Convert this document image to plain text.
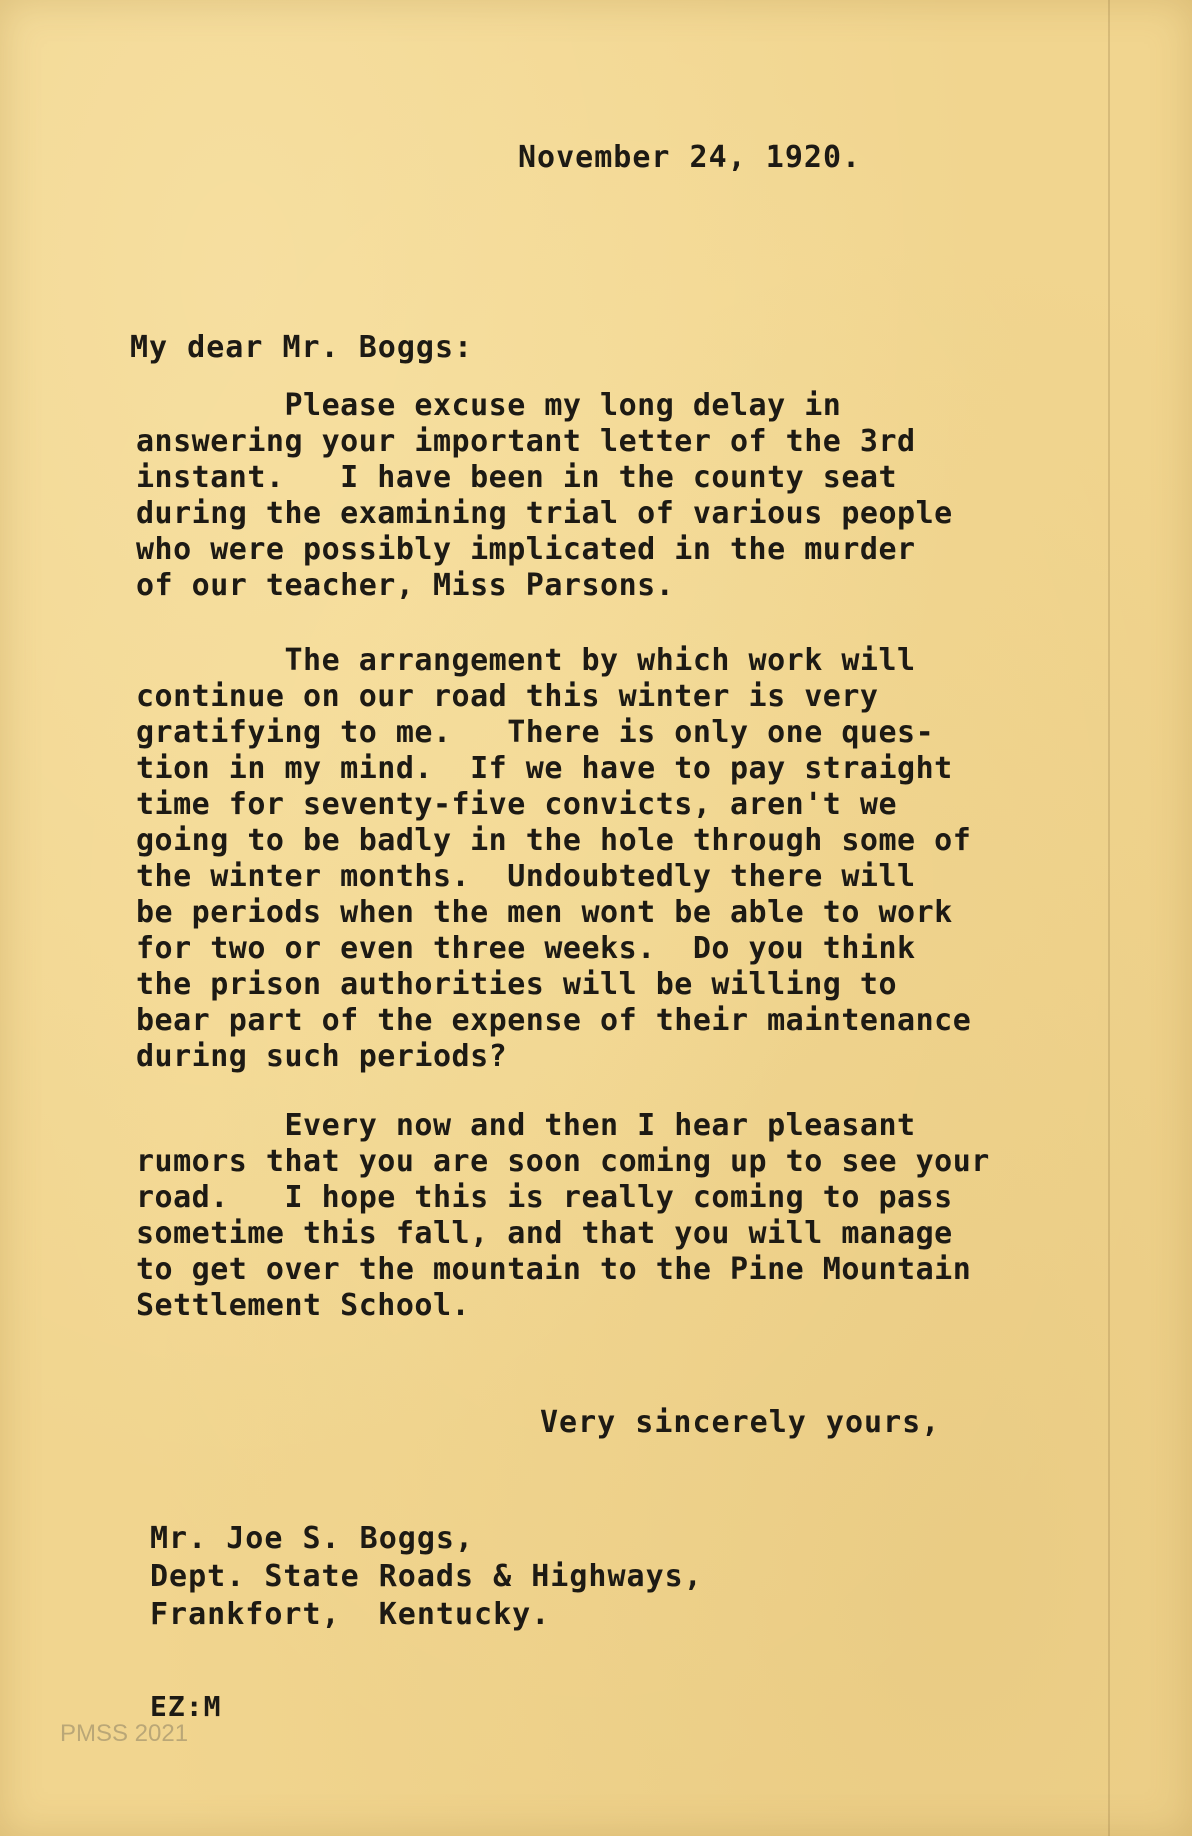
November 24, 1920.
My dear Mr. Boggs:

Please excuse my long delay in
answering your important letter of the 3rd
instant.   I have been in the county seat
during the examining trial of various people
who were possibly implicated in the murder
of our teacher, Miss Parsons.

The arrangement by which work will
continue on our road this winter is very
gratifying to me.   There is only one ques-
tion in my mind.  If we have to pay straight
time for seventy-five convicts, aren't we
going to be badly in the hole through some of
the winter months.  Undoubtedly there will
be periods when the men wont be able to work
for two or even three weeks.  Do you think
the prison authorities will be willing to
bear part of the expense of their maintenance
during such periods?

Every now and then I hear pleasant
rumors that you are soon coming up to see your
road.   I hope this is really coming to pass
sometime this fall, and that you will manage
to get over the mountain to the Pine Mountain
Settlement School.

Very sincerely yours,

Mr. Joe S. Boggs,
Dept. State Roads & Highways,
Frankfort,  Kentucky.

EZ:M
PMSS 2021
